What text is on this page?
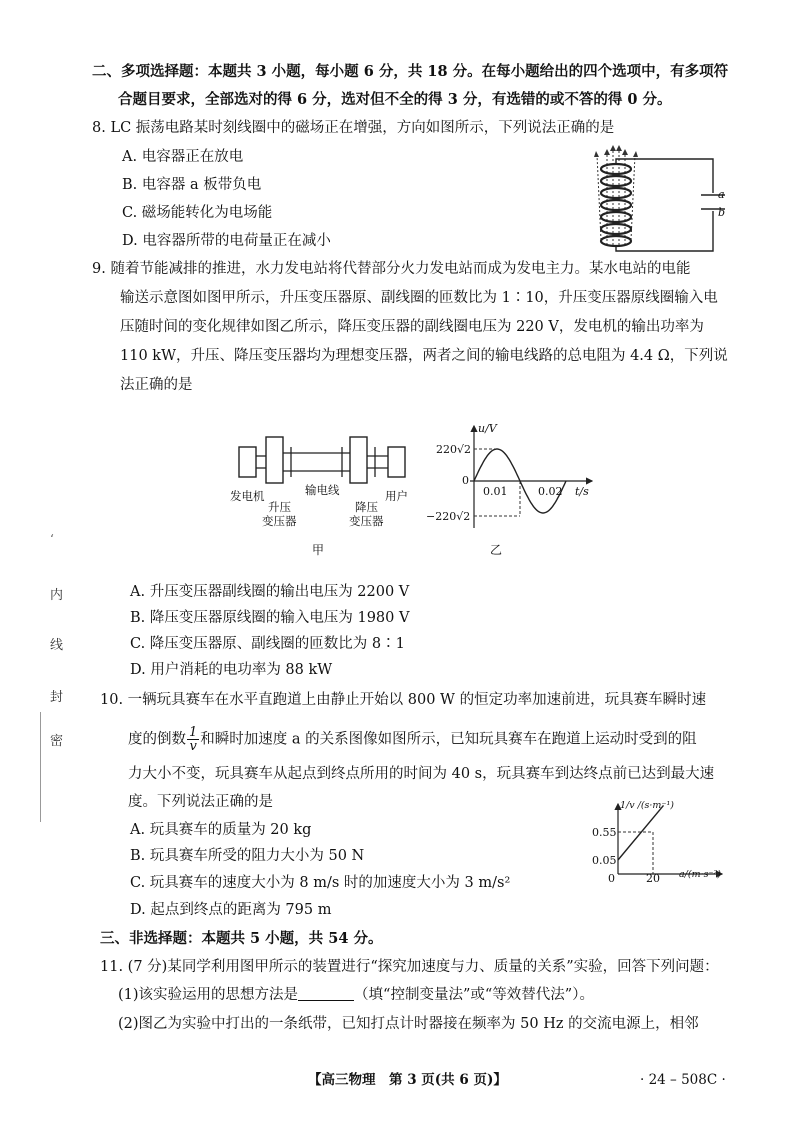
二、多项选择题：本题共 3 小题，每小题 6 分，共 18 分。在每小题给出的四个选项中，有多项符
合题目要求，全部选对的得 6 分，选对但不全的得 3 分，有选错的或不答的得 0 分。
8. LC 振荡电路某时刻线圈中的磁场正在增强，方向如图所示，下列说法正确的是
A. 电容器正在放电
B. 电容器 a 板带负电
C. 磁场能转化为电场能
D. 电容器所带的电荷量正在减小
a
b
9. 随着节能减排的推进，水力发电站将代替部分火力发电站而成为发电主力。某水电站的电能
输送示意图如图甲所示，升压变压器原、副线圈的匝数比为 1∶10，升压变压器原线圈输入电
压随时间的变化规律如图乙所示，降压变压器的副线圈电压为 220 V，发电机的输出功率为
110 kW，升压、降压变压器均为理想变压器，两者之间的输电线路的总电阻为 4.4 Ω，下列说
法正确的是
发电机	输电线	用户
升压
变压器
降压
变压器
甲
u/V
220√2
0
0.01	0.02 t/s
−220√2
乙
A. 升压变压器副线圈的输出电压为 2200 V
B. 降压变压器原线圈的输入电压为 1980 V
C. 降压变压器原、副线圈的匝数比为 8∶1
D. 用户消耗的电功率为 88 kW
10. 一辆玩具赛车在水平直跑道上由静止开始以 800 W 的恒定功率加速前进，玩具赛车瞬时速
度的倒数 $\frac{1}{v}$ 和瞬时加速度 a 的关系图像如图所示，已知玩具赛车在跑道上运动时受到的阻
力大小不变，玩具赛车从起点到终点所用的时间为 40 s，玩具赛车到达终点前已达到最大速
度。下列说法正确的是
A. 玩具赛车的质量为 20 kg
B. 玩具赛车所受的阻力大小为 50 N
C. 玩具赛车的速度大小为 8 m/s 时的加速度大小为 3 m/s²
D. 起点到终点的距离为 795 m
1/v /(s·m⁻¹)
0.55
0.05
0	20 a/(m·s⁻²)
三、非选择题：本题共 5 小题，共 54 分。
11. (7 分)某同学利用图甲所示的装置进行“探究加速度与力、质量的关系”实验，回答下列问题：
(1)该实验运用的思想方法是	（填“控制变量法”或“等效替代法”）。
(2)图乙为实验中打出的一条纸带，已知打点计时器接在频率为 50 Hz 的交流电源上，相邻
‘
内
线
封
密
【高三物理　第 3 页(共 6 页)】	· 24 – 508C ·
